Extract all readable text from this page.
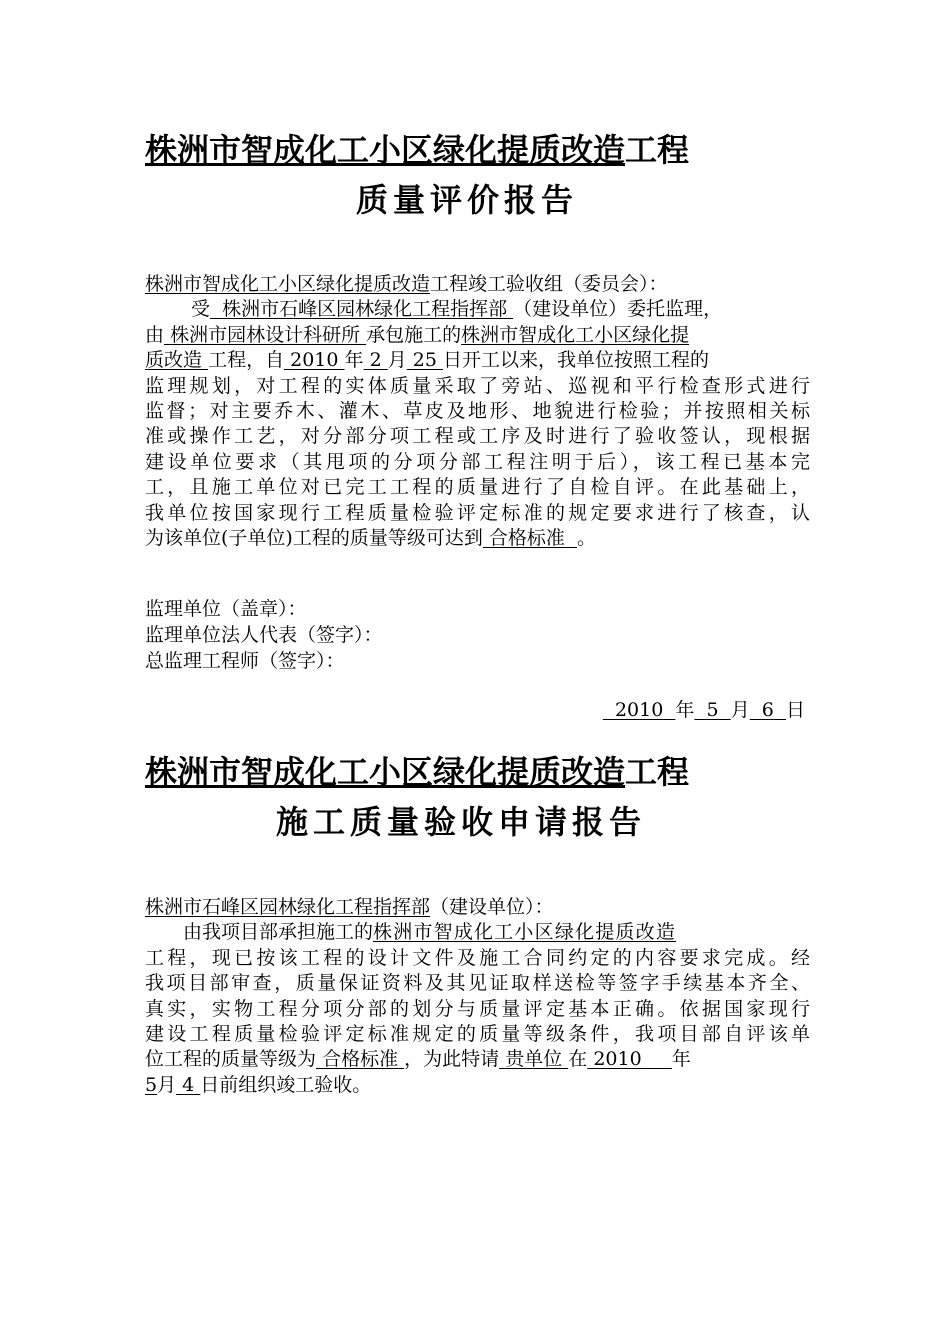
株洲市智成化工小区绿化提质改造工程
质量评价报告
株洲市智成化工小区绿化提质改造工程竣工验收组（委员会）：
受 株洲市石峰区园林绿化工程指挥部 （建设单位）委托监理，
由 株洲市园林设计科研所 承包施工的株洲市智成化工小区绿化提
质改造 工程，自 2010 年 2 月 25 日开工以来，我单位按照工程的
监理规划，对工程的实体质量采取了旁站、巡视和平行检查形式进行
监督；对主要乔木、灌木、草皮及地形、地貌进行检验；并按照相关标
准或操作工艺，对分部分项工程或工序及时进行了验收签认，现根据
建设单位要求（其甩项的分项分部工程注明于后），该工程已基本完
工，且施工单位对已完工工程的质量进行了自检自评。在此基础上，
我单位按国家现行工程质量检验评定标准的规定要求进行了核查，认
为该单位(子单位)工程的质量等级可达到 合格标准 。
监理单位（盖章）：
监理单位法人代表（签字）：
总监理工程师（签字）：
2010 年 5 月 6 日
株洲市智成化工小区绿化提质改造工程
施工质量验收申请报告
株洲市石峰区园林绿化工程指挥部（建设单位）：
由我项目部承担施工的株洲市智成化工小区绿化提质改造
工程，现已按该工程的设计文件及施工合同约定的内容要求完成。经
我项目部审查，质量保证资料及其见证取样送检等签字手续基本齐全、
真实，实物工程分项分部的划分与质量评定基本正确。依据国家现行
建设工程质量检验评定标准规定的质量等级条件，我项目部自评该单
位工程的质量等级为 合格标准 ，为此特请 贵单位 在 2010 年
5月 4 日前组织竣工验收。
